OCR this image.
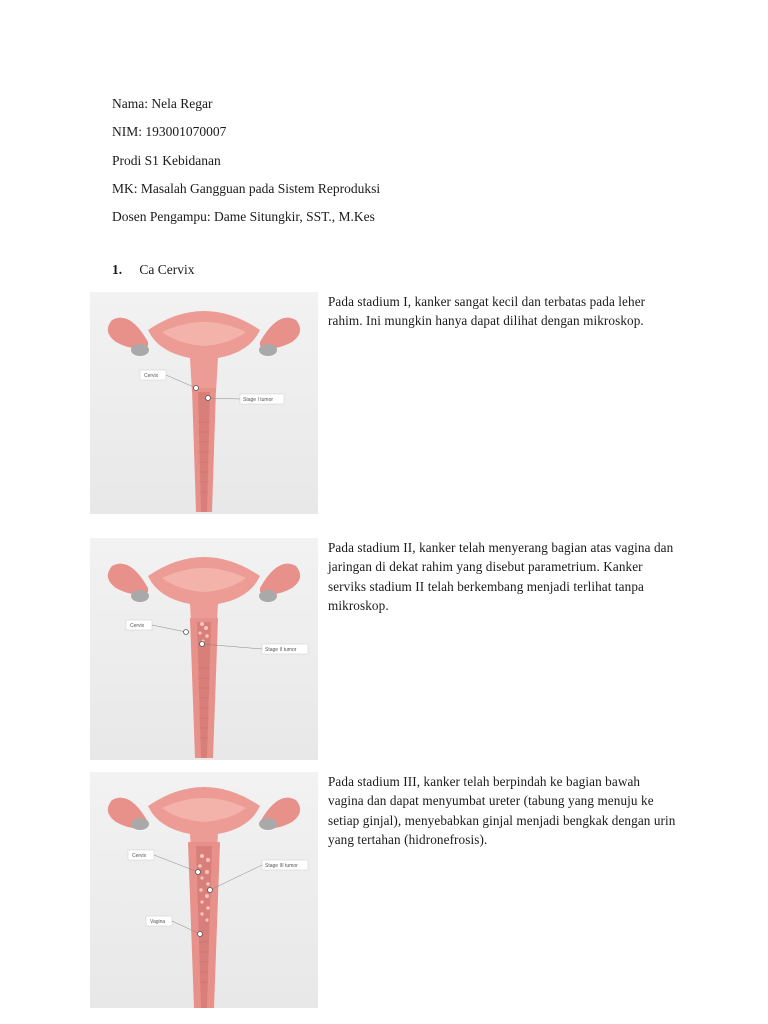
Nama: Nela Regar
NIM: 193001070007
Prodi S1 Kebidanan
MK: Masalah Gangguan pada Sistem Reproduksi
Dosen Pengampu: Dame Situngkir, SST., M.Kes
1. Ca Cervix
Cervix
Stage I tumor
Pada stadium I, kanker sangat kecil dan terbatas pada leher rahim. Ini mungkin hanya dapat dilihat dengan mikroskop.
Cervix
Stage II tumor
Pada stadium II, kanker telah menyerang bagian atas vagina dan jaringan di dekat rahim yang disebut parametrium. Kanker serviks stadium II telah berkembang menjadi terlihat tanpa mikroskop.
Cervix
Stage III tumor
Vagina
Pada stadium III, kanker telah berpindah ke bagian bawah vagina dan dapat menyumbat ureter (tabung yang menuju ke setiap ginjal), menyebabkan ginjal menjadi bengkak dengan urin yang tertahan (hidronefrosis).
